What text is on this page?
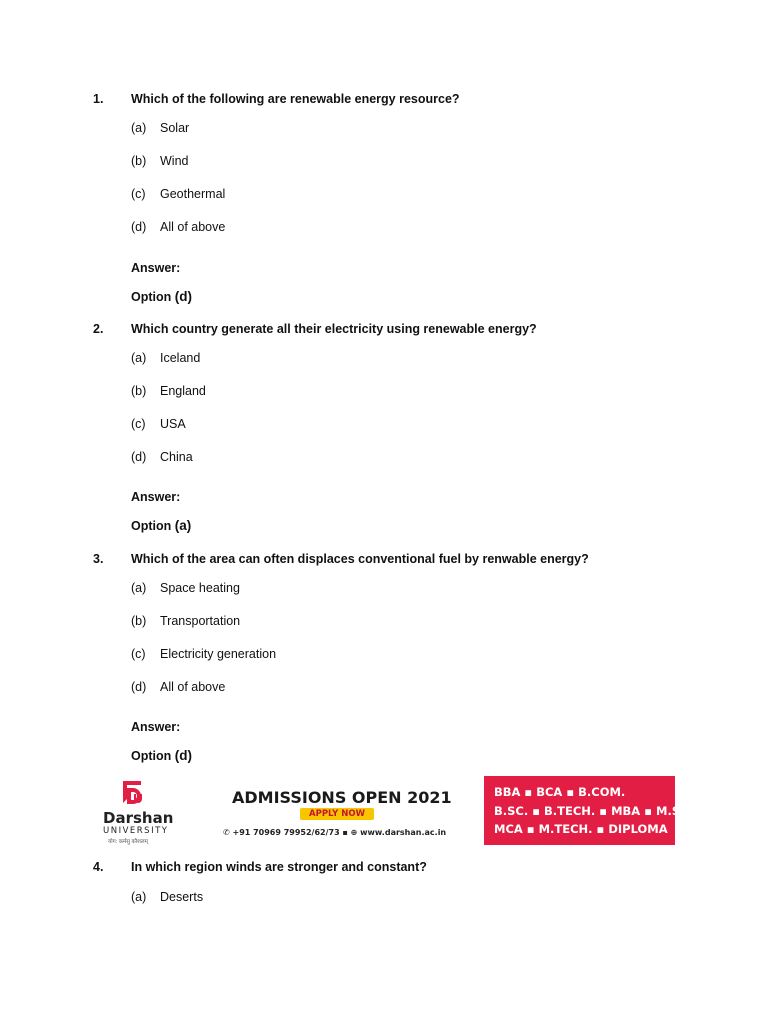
1. Which of the following are renewable energy resource?
(a) Solar
(b) Wind
(c) Geothermal
(d) All of above
Answer:
Option (d)
2. Which country generate all their electricity using renewable energy?
(a) Iceland
(b) England
(c) USA
(d) China
Answer:
Option (a)
3. Which of the area can often displaces conventional fuel by renwable energy?
(a) Space heating
(b) Transportation
(c) Electricity generation
(d) All of above
Answer:
Option (d)
Darshan
UNIVERSITY
योग: कर्मसु कौशलम्
ADMISSIONS OPEN 2021
APPLY NOW
✆ +91 70969 79952/62/73 ▪ ⊕ www.darshan.ac.in
BBA ▪ BCA ▪ B.COM.
B.SC. ▪ B.TECH. ▪ MBA ▪ M.SC.
MCA ▪ M.TECH. ▪ DIPLOMA
4. In which region winds are stronger and constant?
(a) Deserts
